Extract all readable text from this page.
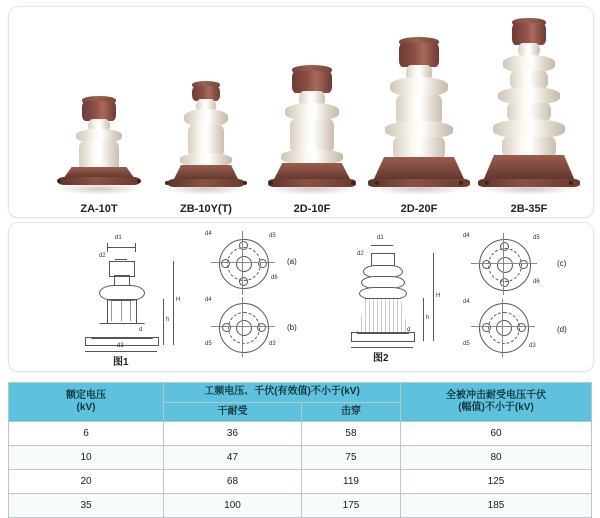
ZA-10T	ZB-10Y(T)	2D-10F	2D-20F	2B-35F
d1
d2
H
h
d3
d
图1
d4	d5
d6
(a)
d4
d5	d3
(b)
d1
d2
H
h
d
图2
d4	d5
d6
(c)
d4
d5	d3
(d)
额定电压
(kV)	工频电压、千伏(有效值)不小于(kV)		全被冲击耐受电压千伏
(幅值)不小于(kV)
	干耐受	击穿	
6	36	58	60
10	47	75	80
20	68	119	125
35	100	175	185
